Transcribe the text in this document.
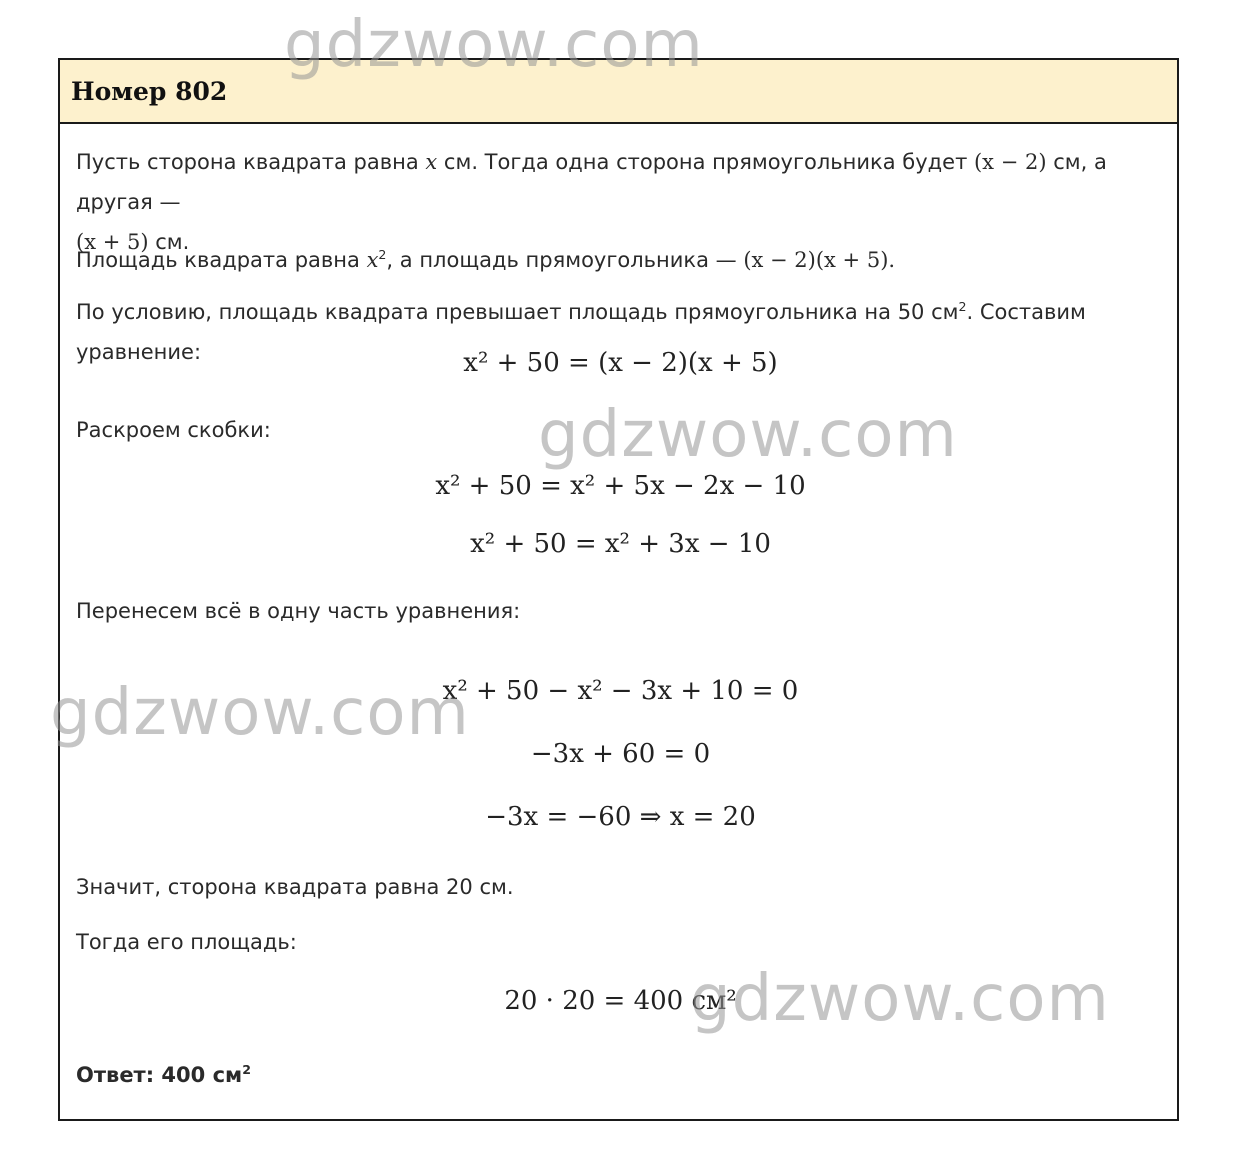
Номер 802
Пусть сторона квадрата равна x см. Тогда одна сторона прямоугольника будет (x − 2) см, а другая —
(x + 5) см.
Площадь квадрата равна $x^2$, а площадь прямоугольника — (x − 2)(x + 5).
По условию, площадь квадрата превышает площадь прямоугольника на 50 $см^2$. Составим уравнение:	x² + 50 = (x − 2)(x + 5)
Раскроем скобки:
x² + 50 = x² + 5x − 2x − 10
x² + 50 = x² + 3x − 10
Перенесем всё в одну часть уравнения:
x² + 50 − x² − 3x + 10 = 0
−3x + 60 = 0
−3x = −60 ⇒ x = 20
Значит, сторона квадрата равна 20 см.
Тогда его площадь:
20 · 20 = 400 см²
Ответ: 400 $см^2$
gdzwow.com
gdzwow.com
gdzwow.com
gdzwow.com
